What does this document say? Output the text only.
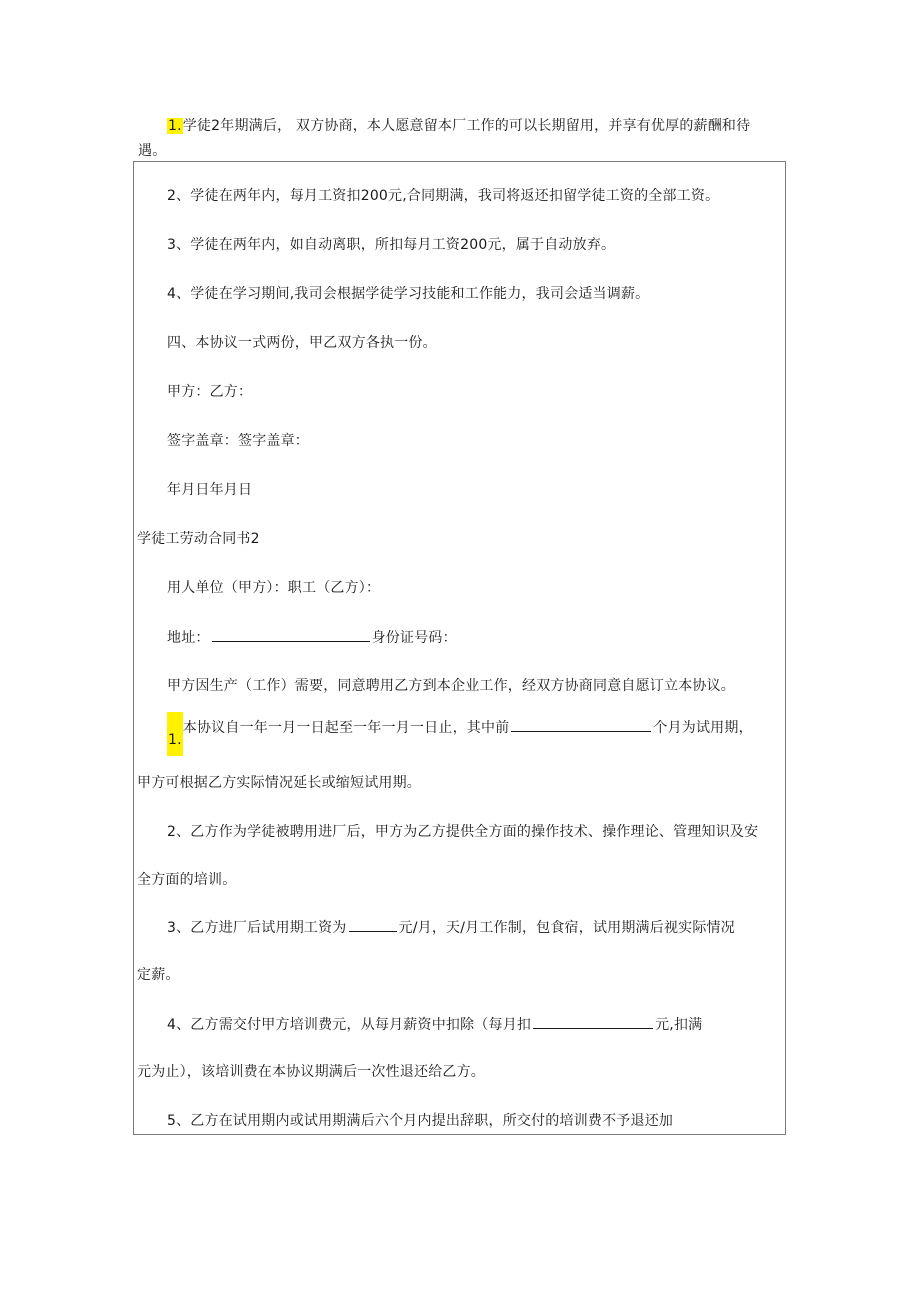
1.学徒2年期满后， 双方协商，本人愿意留本厂工作的可以长期留用，并享有优厚的薪酬和待
遇。
2、学徒在两年内，每月工资扣200元,合同期满，我司将返还扣留学徒工资的全部工资。
3、学徒在两年内，如自动离职，所扣每月工资200元，属于自动放弃。
4、学徒在学习期间,我司会根据学徒学习技能和工作能力，我司会适当调薪。
四、本协议一式两份，甲乙双方各执一份。
甲方：乙方：
签字盖章：签字盖章：
年月日年月日
学徒工劳动合同书2
用人单位（甲方）：职工（乙方）：
地址：	身份证号码：
甲方因生产（工作）需要，同意聘用乙方到本企业工作，经双方协商同意自愿订立本协议。
1.本协议自一年一月一日起至一年一月一日止，其中前	个月为试用期，
甲方可根据乙方实际情况延长或缩短试用期。
2、乙方作为学徒被聘用进厂后，甲方为乙方提供全方面的操作技术、操作理论、管理知识及安
全方面的培训。
3、乙方进厂后试用期工资为	元/月，天/月工作制，包食宿，试用期满后视实际情况
定薪。
4、乙方需交付甲方培训费元，从每月薪资中扣除（每月扣	元,扣满
元为止），该培训费在本协议期满后一次性退还给乙方。
5、乙方在试用期内或试用期满后六个月内提出辞职，所交付的培训费不予退还加
